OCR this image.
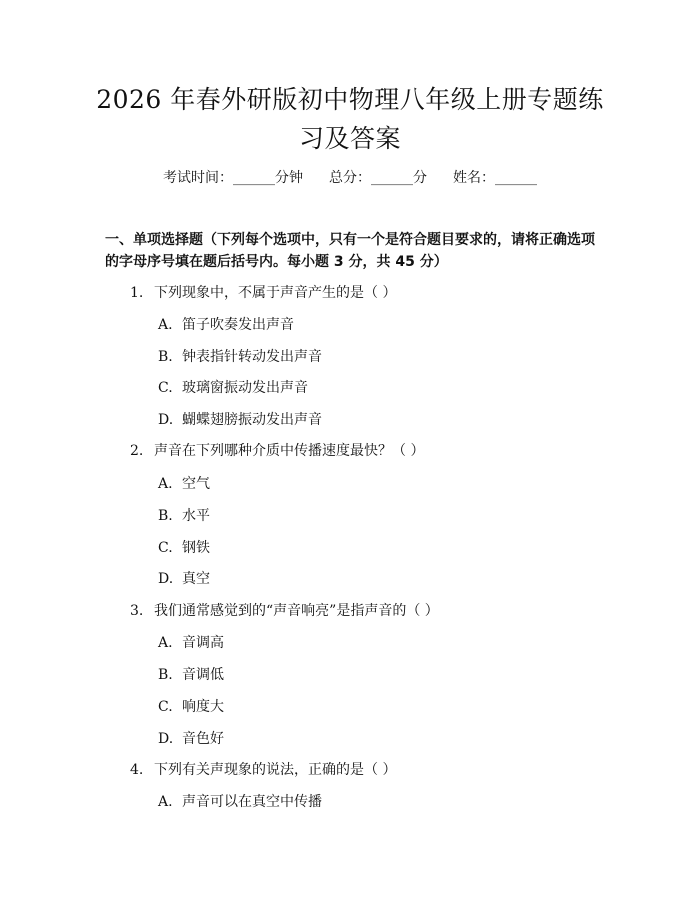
2026 年春外研版初中物理八年级上册专题练
习及答案
考试时间：______分钟 总分：______分 姓名：______
一、单项选择题（下列每个选项中，只有一个是符合题目要求的，请将正确选项
的字母序号填在题后括号内。每小题 3 分，共 45 分）
1. 下列现象中，不属于声音产生的是（ ）
A. 笛子吹奏发出声音
B. 钟表指针转动发出声音
C. 玻璃窗振动发出声音
D. 蝴蝶翅膀振动发出声音
2. 声音在下列哪种介质中传播速度最快？（ ）
A. 空气
B. 水平
C. 钢铁
D. 真空
3. 我们通常感觉到的“声音响亮”是指声音的（ ）
A. 音调高
B. 音调低
C. 响度大
D. 音色好
4. 下列有关声现象的说法，正确的是（ ）
A. 声音可以在真空中传播
